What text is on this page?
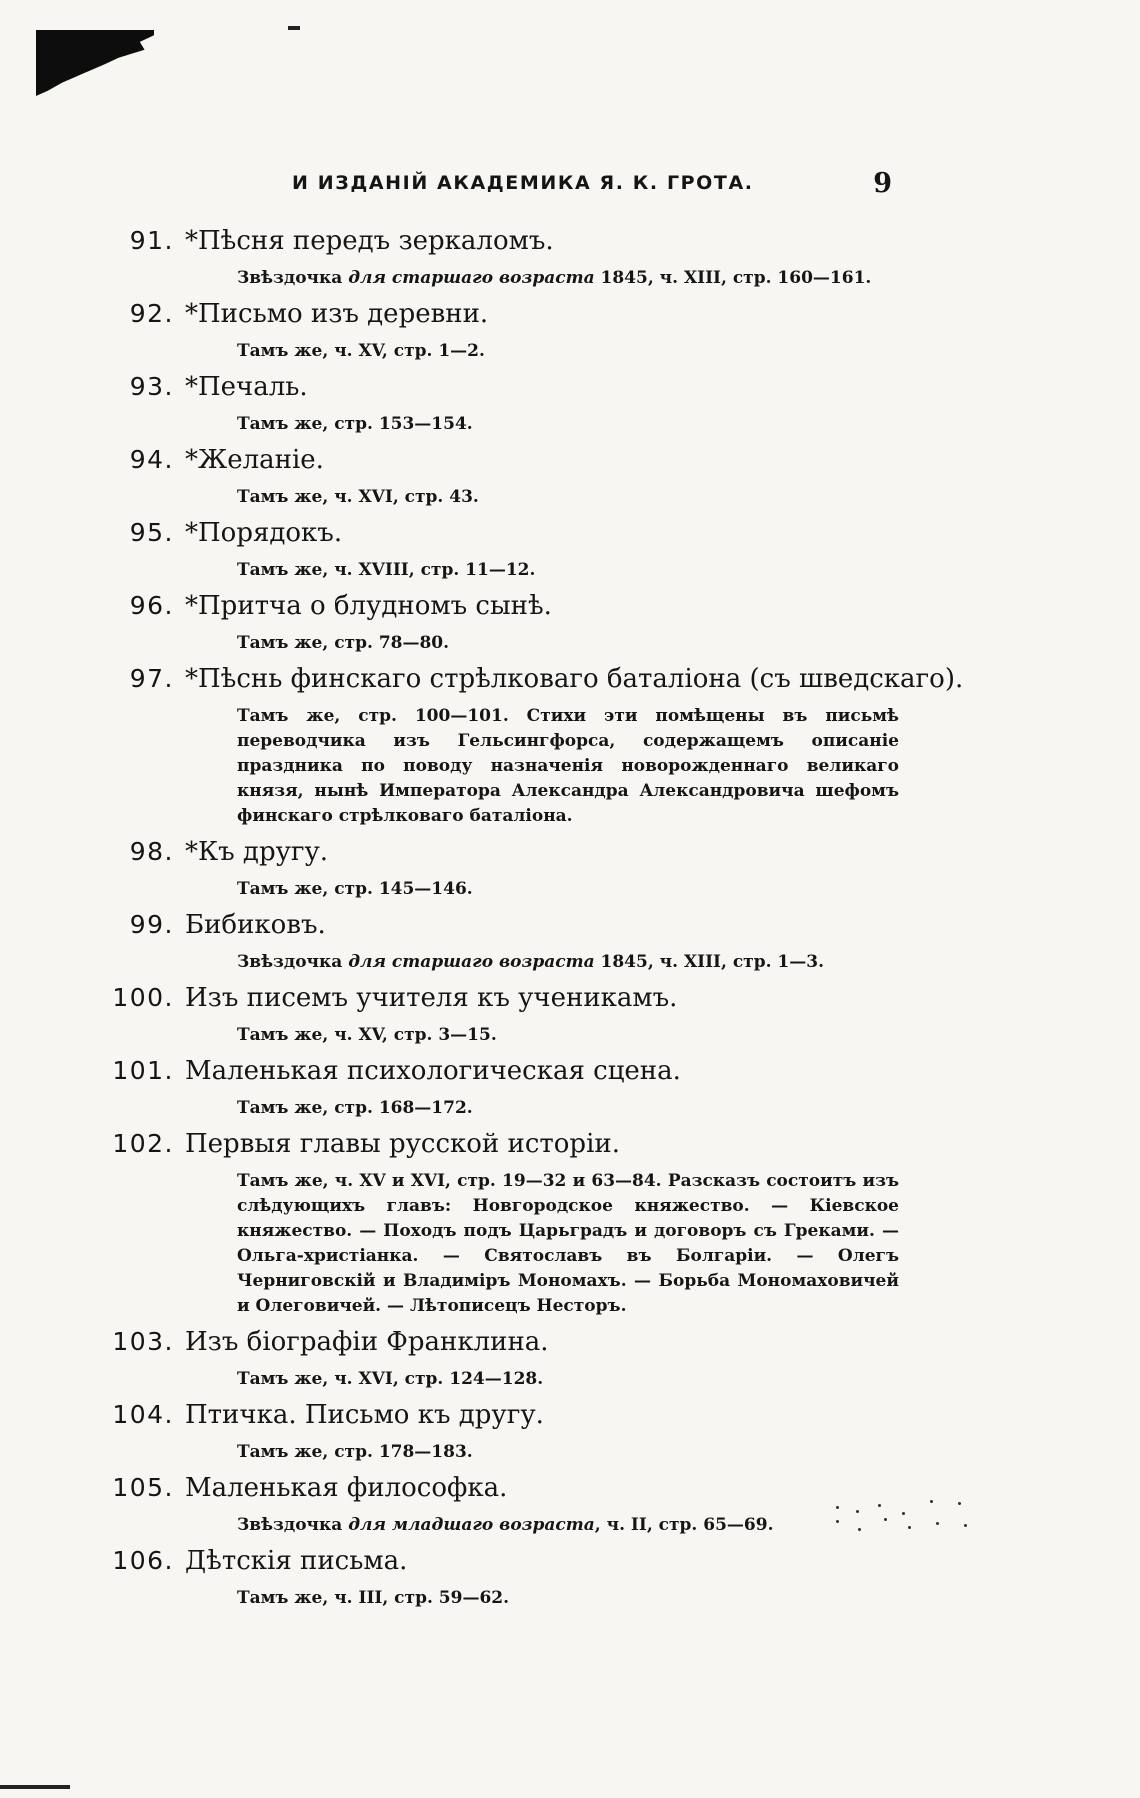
И ИЗДАНІЙ АКАДЕМИКА Я. К. ГРОТА.	9
91. *Пѣсня передъ зеркаломъ.
Звѣздочка для старшаго возраста 1845, ч. XIII, стр. 160—161.
92. *Письмо изъ деревни.
Тамъ же, ч. XV, стр. 1—2.
93. *Печаль.
Тамъ же, стр. 153—154.
94. *Желаніе.
Тамъ же, ч. XVI, стр. 43.
95. *Порядокъ.
Тамъ же, ч. XVIII, стр. 11—12.
96. *Притча о блудномъ сынѣ.
Тамъ же, стр. 78—80.
97. *Пѣснь финскаго стрѣлковаго баталіона (съ шведскаго).
Тамъ же, стр. 100—101. Стихи эти помѣщены въ письмѣ переводчика изъ Гельсингфорса, содержащемъ описаніе праздника по поводу назначенія новорожденнаго великаго князя, нынѣ Императора Александра Александровича шефомъ финскаго стрѣлковаго баталіона.
98. *Къ другу.
Тамъ же, стр. 145—146.
99. Бибиковъ.
Звѣздочка для старшаго возраста 1845, ч. XIII, стр. 1—3.
100. Изъ писемъ учителя къ ученикамъ.
Тамъ же, ч. XV, стр. 3—15.
101. Маленькая психологическая сцена.
Тамъ же, стр. 168—172.
102. Первыя главы русской исторіи.
Тамъ же, ч. XV и XVI, стр. 19—32 и 63—84. Разсказъ состоитъ изъ слѣдующихъ главъ: Новгородское княжество. — Кіевское княжество. — Походъ подъ Царьградъ и договоръ съ Греками. — Ольга-христіанка. — Святославъ въ Болгаріи. — Олегъ Черниговскій и Владиміръ Мономахъ. — Борьба Мономаховичей и Олеговичей. — Лѣтописецъ Несторъ.
103. Изъ біографіи Франклина.
Тамъ же, ч. XVI, стр. 124—128.
104. Птичка. Письмо къ другу.
Тамъ же, стр. 178—183.
105. Маленькая философка.
Звѣздочка для младшаго возраста, ч. II, стр. 65—69.
106. Дѣтскія письма.
Тамъ же, ч. III, стр. 59—62.
